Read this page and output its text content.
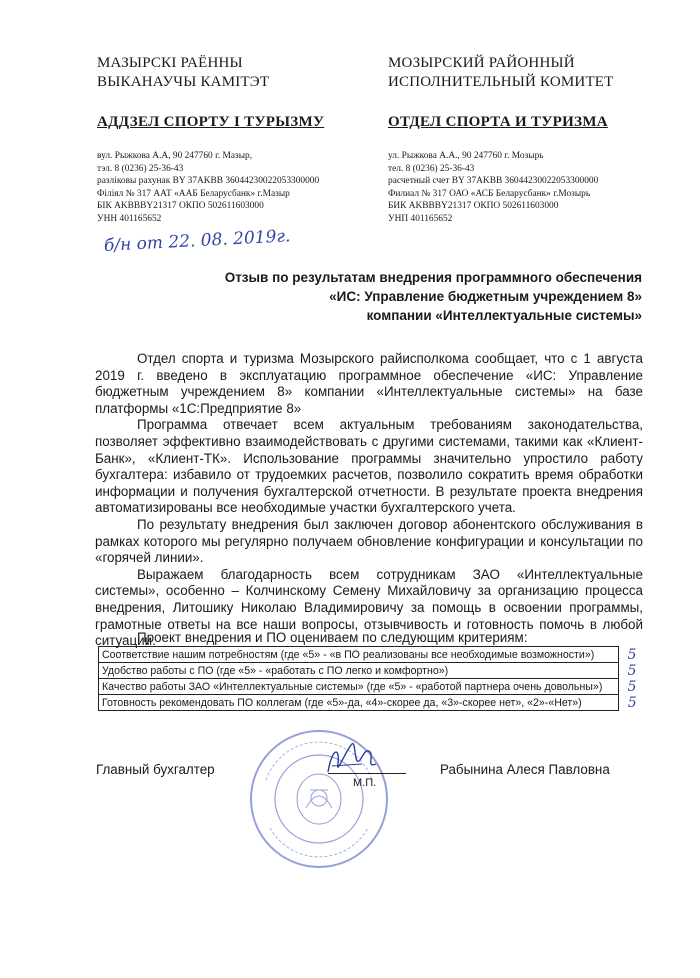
МАЗЫРСКІ РАЁННЫ
ВЫКАНАУЧЫ КАМІТЭТ
АДДЗЕЛ СПОРТУ І ТУРЫЗМУ
вул. Рыжкова А.А, 90 247760 г. Мазыр,
тэл. 8 (0236) 25-36-43
разліковы рахунак BY 37AKBB 36044230022053300000
Філіял № 317 ААТ «ААБ Беларусбанк» г.Мазыр
БІК AKBBBY21317 ОКПО 502611603000
УНН 401165652
МОЗЫРСКИЙ РАЙОННЫЙ
ИСПОЛНИТЕЛЬНЫЙ КОМИТЕТ
ОТДЕЛ СПОРТА И ТУРИЗМА
ул. Рыжкова А.А., 90 247760 г. Мозырь
тел. 8 (0236) 25-36-43
расчетный счет BY 37AKBB 36044230022053300000
Филиал № 317 ОАО «АСБ Беларусбанк» г.Мозырь
БИК AKBBBY21317 ОКПО 502611603000
УНП 401165652
б/н от 22. 08. 2019г.
Отзыв по результатам внедрения программного обеспечения
«ИС: Управление бюджетным учреждением 8»
компании «Интеллектуальные системы»

Отдел спорта и туризма Мозырского райисполкома сообщает, что с 1 августа 2019 г. введено в эксплуатацию программное обеспечение «ИС: Управление бюджетным учреждением 8» компании «Интеллектуальные системы» на базе платформы «1С:Предприятие 8»

Программа отвечает всем актуальным требованиям законодательства, позволяет эффективно взаимодействовать с другими системами, такими как «Клиент-Банк», «Клиент-ТК». Использование программы значительно упростило работу бухгалтера: избавило от трудоемких расчетов, позволило сократить время обработки информации и получения бухгалтерской отчетности. В результате проекта внедрения автоматизированы все необходимые участки бухгалтерского учета.

По результату внедрения был заключен договор абонентского обслуживания в рамках которого мы регулярно получаем обновление конфигурации и консультации по «горячей линии».

Выражаем благодарность всем сотрудникам ЗАО «Интеллектуальные системы», особенно – Колчинскому Семену Михайловичу за организацию процесса внедрения, Литошику Николаю Владимировичу за помощь в освоении программы, грамотные ответы на все наши вопросы, отзывчивость и готовность помочь в любой ситуации.

Проект внедрения и ПО оцениваем по следующим критериям:
Соответствие нашим потребностям (где «5» - «в ПО реализованы все необходимые возможности»)	5
Удобство работы с ПО (где «5» - «работать с ПО легко и комфортно»)	5
Качество работы ЗАО «Интеллектуальные системы» (где «5» - «работой партнера очень довольны»)	5
Готовность рекомендовать ПО коллегам (где «5»-да, «4»-скорее да, «3»-скорее нет», «2»-«Нет»)	5
Главный бухгалтер
М.П.
Рабынина Алеся Павловна
